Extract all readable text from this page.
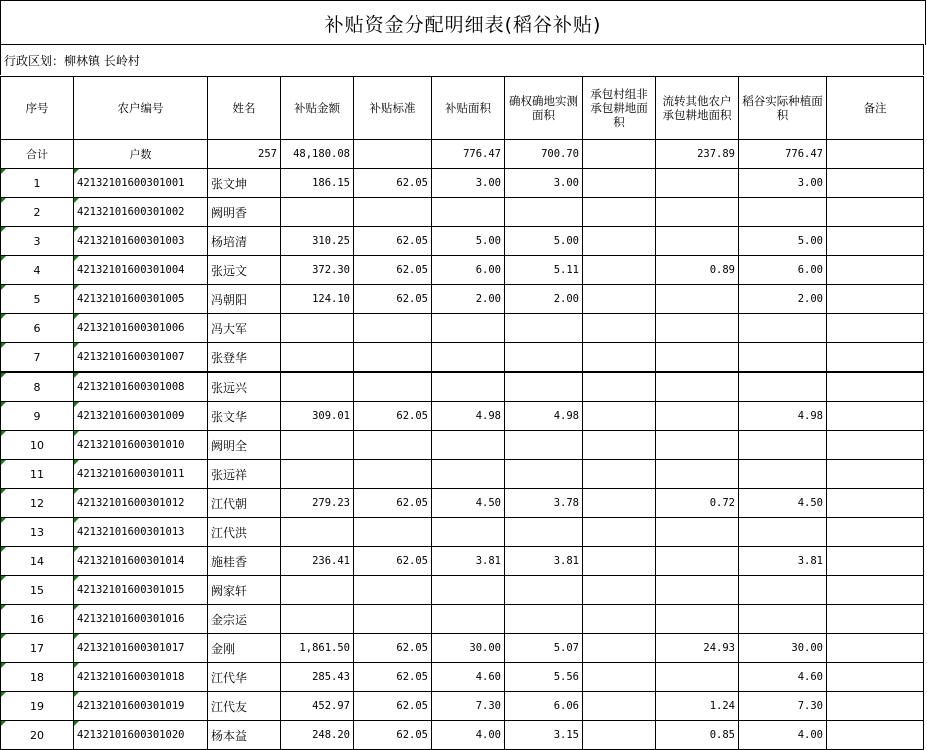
补贴资金分配明细表(稻谷补贴)
行政区划：柳林镇 长岭村
序号	农户编号	姓名	补贴金额	补贴标准	补贴面积	确权确地实测面积	承包村组非承包耕地面积	流转其他农户承包耕地面积	稻谷实际种植面积	备注
合计	户数	257	48,180.08		776.47	700.70		237.89	776.47	
1	42132101600301001	张文坤	186.15	62.05	3.00	3.00			3.00	
2	42132101600301002	阙明香								
3	42132101600301003	杨培清	310.25	62.05	5.00	5.00			5.00	
4	42132101600301004	张远文	372.30	62.05	6.00	5.11		0.89	6.00	
5	42132101600301005	冯朝阳	124.10	62.05	2.00	2.00			2.00	
6	42132101600301006	冯大军								
7	42132101600301007	张登华								
8	42132101600301008	张远兴								
9	42132101600301009	张文华	309.01	62.05	4.98	4.98			4.98	
10	42132101600301010	阙明全								
11	42132101600301011	张远祥								
12	42132101600301012	江代朝	279.23	62.05	4.50	3.78		0.72	4.50	
13	42132101600301013	江代洪								
14	42132101600301014	施桂香	236.41	62.05	3.81	3.81			3.81	
15	42132101600301015	阙家轩								
16	42132101600301016	金宗运								
17	42132101600301017	金刚	1,861.50	62.05	30.00	5.07		24.93	30.00	
18	42132101600301018	江代华	285.43	62.05	4.60	5.56			4.60	
19	42132101600301019	江代友	452.97	62.05	7.30	6.06		1.24	7.30	
20	42132101600301020	杨本益	248.20	62.05	4.00	3.15		0.85	4.00	
